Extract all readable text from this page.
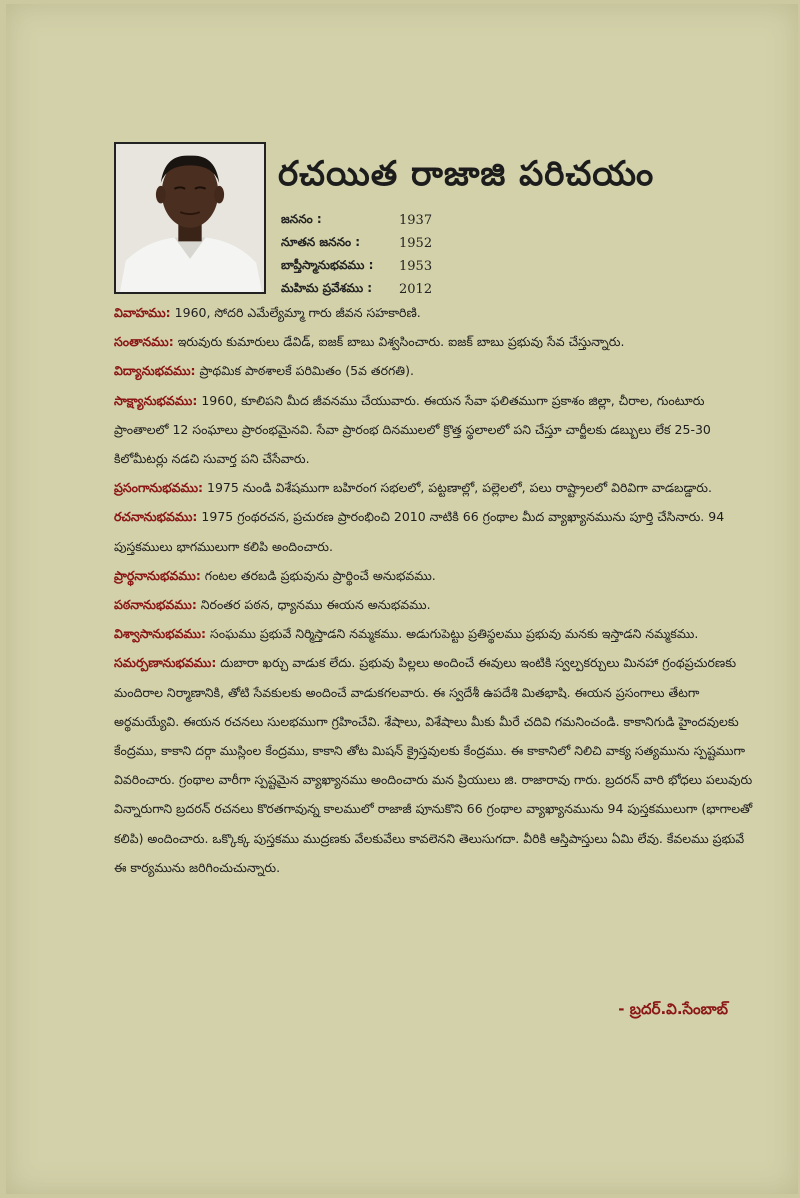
రచయిత రాజాజి పరిచయం
జననం :	1937
నూతన జననం :	1952
బాప్తీస్మానుభవము :	1953
మహిమ ప్రవేశము :	2012

వివాహము: 1960, సోదరి ఎమేల్యేమ్మా గారు జీవన సహకారిణి.

సంతానము: ఇరువురు కుమారులు డేవిడ్, ఐజక్ బాబు విశ్వసించారు. ఐజక్ బాబు ప్రభువు సేవ చేస్తున్నారు.

విద్యానుభవము: ప్రాథమిక పాఠశాలకే పరిమితం (5వ తరగతి).

సాక్ష్యానుభవము: 1960, కూలిపని మీద జీవనము చేయువారు. ఈయన సేవా ఫలితముగా ప్రకాశం జిల్లా, చీరాల, గుంటూరు ప్రాంతాలలో 12 సంఘాలు ప్రారంభమైనవి. సేవా ప్రారంభ దినములలో క్రొత్త స్థలాలలో పని చేస్తూ చార్జీలకు డబ్బులు లేక 25-30 కిలోమీటర్లు నడచి సువార్త పని చేసేవారు.

ప్రసంగానుభవము: 1975 నుండి విశేషముగా బహిరంగ సభలలో, పట్టణాల్లో, పల్లెలలో, పలు రాష్ట్రాలలో విరివిగా వాడబడ్డారు.

రచనానుభవము: 1975 గ్రంథరచన, ప్రచురణ ప్రారంభించి 2010 నాటికి 66 గ్రంథాల మీద వ్యాఖ్యానమును పూర్తి చేసినారు. 94 పుస్తకములు భాగములుగా కలిపి అందించారు.

ప్రార్థనానుభవము: గంటల తరబడి ప్రభువును ప్రార్థించే అనుభవము.

పఠనానుభవము: నిరంతర పఠన, ధ్యానము ఈయన అనుభవము.

విశ్వాసానుభవము: సంఘము ప్రభువే నిర్మిస్తాడని నమ్మకము. అడుగుపెట్టు ప్రతిస్థలము ప్రభువు మనకు ఇస్తాడని నమ్మకము.

సమర్పణానుభవము: దుబారా ఖర్చు వాడుక లేదు. ప్రభువు పిల్లలు అందించే ఈవులు ఇంటికి స్వల్పకర్చులు మినహా గ్రంథప్రచురణకు మందిరాల నిర్మాణానికి, తోటి సేవకులకు అందించే వాడుకగలవారు. ఈ స్వదేశీ ఉపదేశి మితభాషి. ఈయన ప్రసంగాలు తేటగా అర్థమయ్యేవి. ఈయన రచనలు సులభముగా గ్రహించేవి. శేషాలు, విశేషాలు మీకు మీరే చదివి గమనించండి. కాకానిగుడి హైందవులకు కేంద్రము, కాకాని దర్గా ముస్లింల కేంద్రము, కాకాని తోట మిషన్ క్రైస్తవులకు కేంద్రము. ఈ కాకానిలో నిలిచి వాక్య సత్యమును స్పష్టముగా వివరించారు. గ్రంథాల వారీగా స్పష్టమైన వ్యాఖ్యానము అందించారు మన ప్రియులు జి. రాజారావు గారు. బ్రదరన్ వారి భోధలు పలువురు విన్నారుగాని బ్రదరన్ రచనలు కొరతగావున్న కాలములో రాజాజీ పూనుకొని 66 గ్రంథాల వ్యాఖ్యానమును 94 పుస్తకములుగా (భాగాలతో కలిపి) అందించారు. ఒక్కొక్క పుస్తకము ముద్రణకు వేలకువేలు కావలెనని తెలుసుగదా. వీరికి ఆస్తిపాస్తులు ఏమి లేవు. కేవలము ప్రభువే ఈ కార్యమును జరిగించుచున్నారు.

- బ్రదర్.వి.సేంబాబ్
